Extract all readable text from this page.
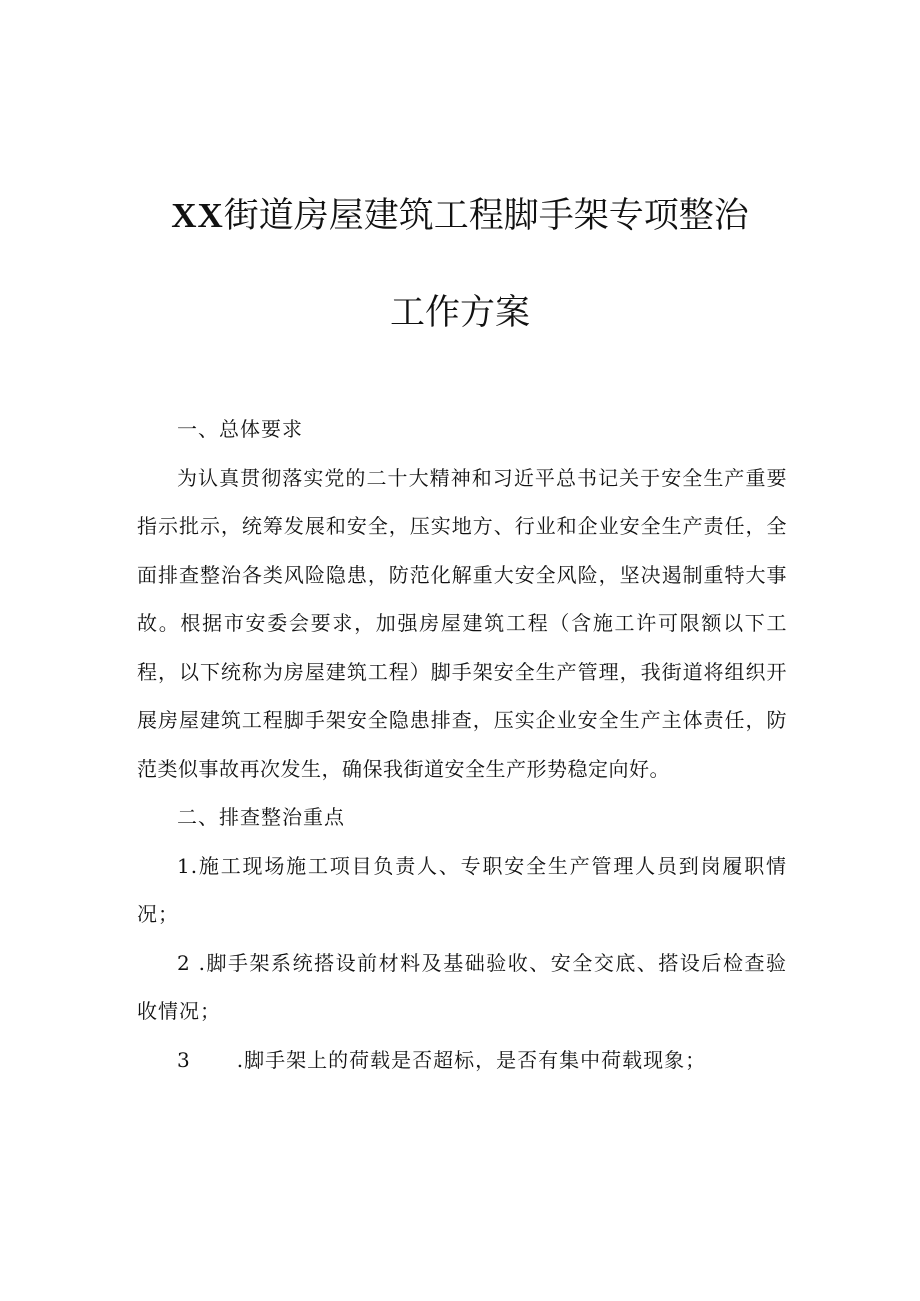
XX街道房屋建筑工程脚手架专项整治
工作方案

一、总体要求

为认真贯彻落实党的二十大精神和习近平总书记关于安全生产重要指示批示，统筹发展和安全，压实地方、行业和企业安全生产责任，全面排查整治各类风险隐患，防范化解重大安全风险，坚决遏制重特大事故。根据市安委会要求，加强房屋建筑工程（含施工许可限额以下工程，以下统称为房屋建筑工程）脚手架安全生产管理，我街道将组织开展房屋建筑工程脚手架安全隐患排查，压实企业安全生产主体责任，防范类似事故再次发生，确保我街道安全生产形势稳定向好。

二、排查整治重点

1.施工现场施工项目负责人、专职安全生产管理人员到岗履职情况；

2 .脚手架系统搭设前材料及基础验收、安全交底、搭设后检查验收情况；

3 .脚手架上的荷载是否超标，是否有集中荷载现象；
